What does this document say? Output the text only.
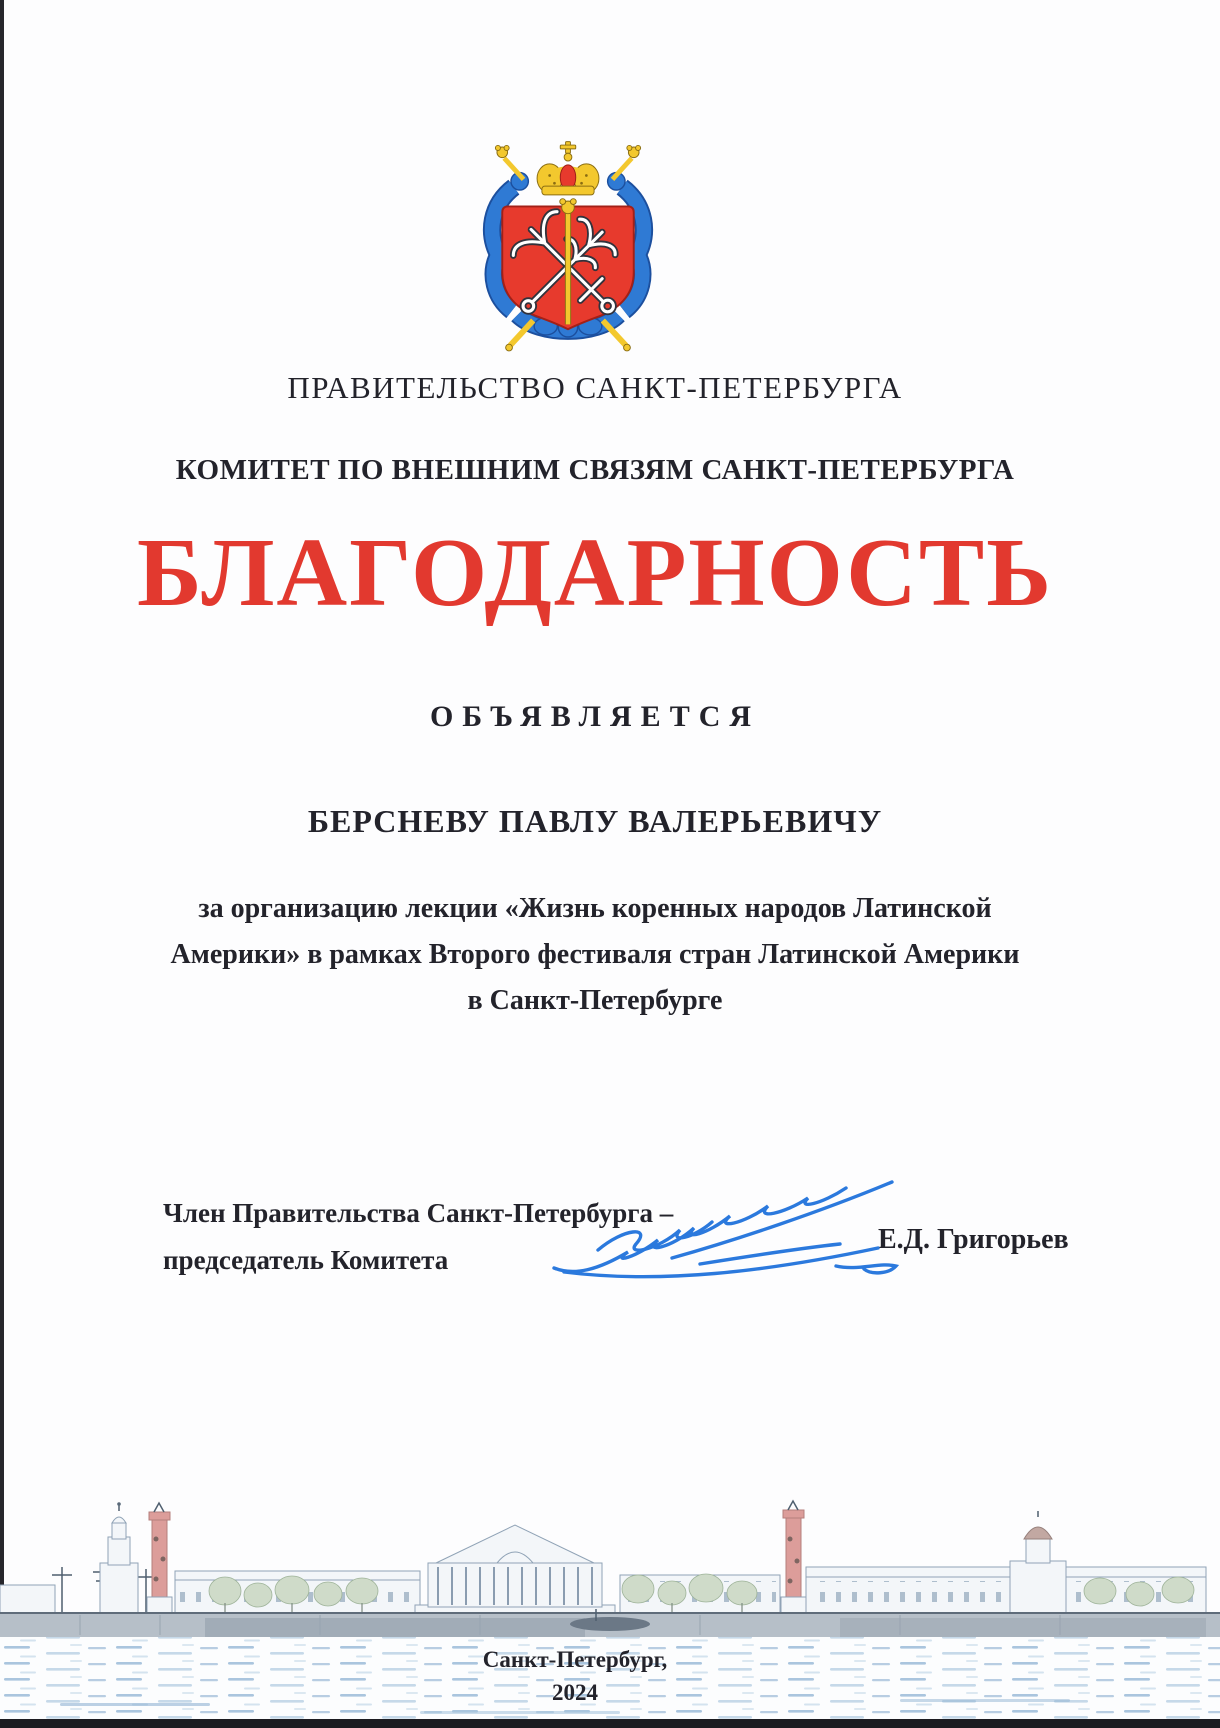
ПРАВИТЕЛЬСТВО САНКТ-ПЕТЕРБУРГА
КОМИТЕТ ПО ВНЕШНИМ СВЯЗЯМ САНКТ-ПЕТЕРБУРГА
БЛАГОДАРНОСТЬ
ОБЪЯВЛЯЕТСЯ
БЕРСНЕВУ ПАВЛУ ВАЛЕРЬЕВИЧУ
за организацию лекции «Жизнь коренных народов Латинской
Америки» в рамках Второго фестиваля стран Латинской Америки
в Санкт-Петербурге
Член Правительства Санкт-Петербурга –
председатель Комитета
Е.Д. Григорьев
Санкт-Петербург,
2024
